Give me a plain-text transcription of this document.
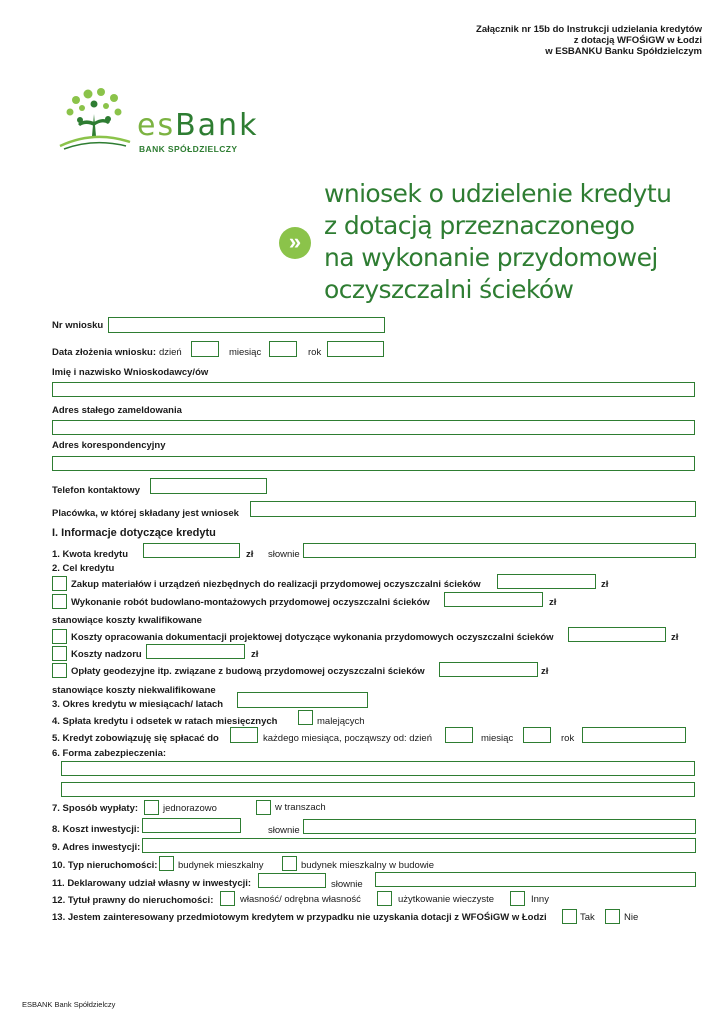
Załącznik nr 15b do Instrukcji udzielania kredytów
z dotacją WFOŚiGW w Łodzi
w ESBANKU Banku Spółdzielczym
esBank
BANK SPÓŁDZIELCZY
»
wniosek o udzielenie kredytu
z dotacją przeznaczonego
na wykonanie przydomowej
oczyszczalni ścieków
Nr wniosku
Data złożenia wniosku: dzień	miesiąc	rok
Imię i nazwisko Wnioskodawcy/ów
Adres stałego zameldowania
Adres korespondencyjny
Telefon kontaktowy
Placówka, w której składany jest wniosek
I. Informacje dotyczące kredytu
1. Kwota kredytu	zł słownie
2. Cel kredytu
Zakup materiałów i urządzeń niezbędnych do realizacji przydomowej oczyszczalni ścieków	zł
Wykonanie robót budowlano-montażowych przydomowej oczyszczalni ścieków	zł
stanowiące koszty kwalifikowane
Koszty opracowania dokumentacji projektowej dotyczące wykonania przydomowych oczyszczalni ścieków	zł
Koszty nadzoru	zł
Opłaty geodezyjne itp. związane z budową przydomowej oczyszczalni ścieków	zł
stanowiące koszty niekwalifikowane
3. Okres kredytu w miesiącach/ latach
4. Spłata kredytu i odsetek w ratach miesięcznych	malejących
5. Kredyt zobowiązuję się spłacać do	każdego miesiąca, począwszy od: dzień	miesiąc	rok
6. Forma zabezpieczenia:
7. Sposób wypłaty:	jednorazowo	w transzach
8. Koszt inwestycji:	słownie
9. Adres inwestycji:
10. Typ nieruchomości: budynek mieszkalny	budynek mieszkalny w budowie
11. Deklarowany udział własny w inwestycji:	słownie
12. Tytuł prawny do nieruchomości:	własność/ odrębna własność	użytkowanie wieczyste	Inny
13. Jestem zainteresowany przedmiotowym kredytem w przypadku nie uzyskania dotacji z WFOŚiGW w Łodzi	Tak	Nie
ESBANK Bank Spółdzielczy
